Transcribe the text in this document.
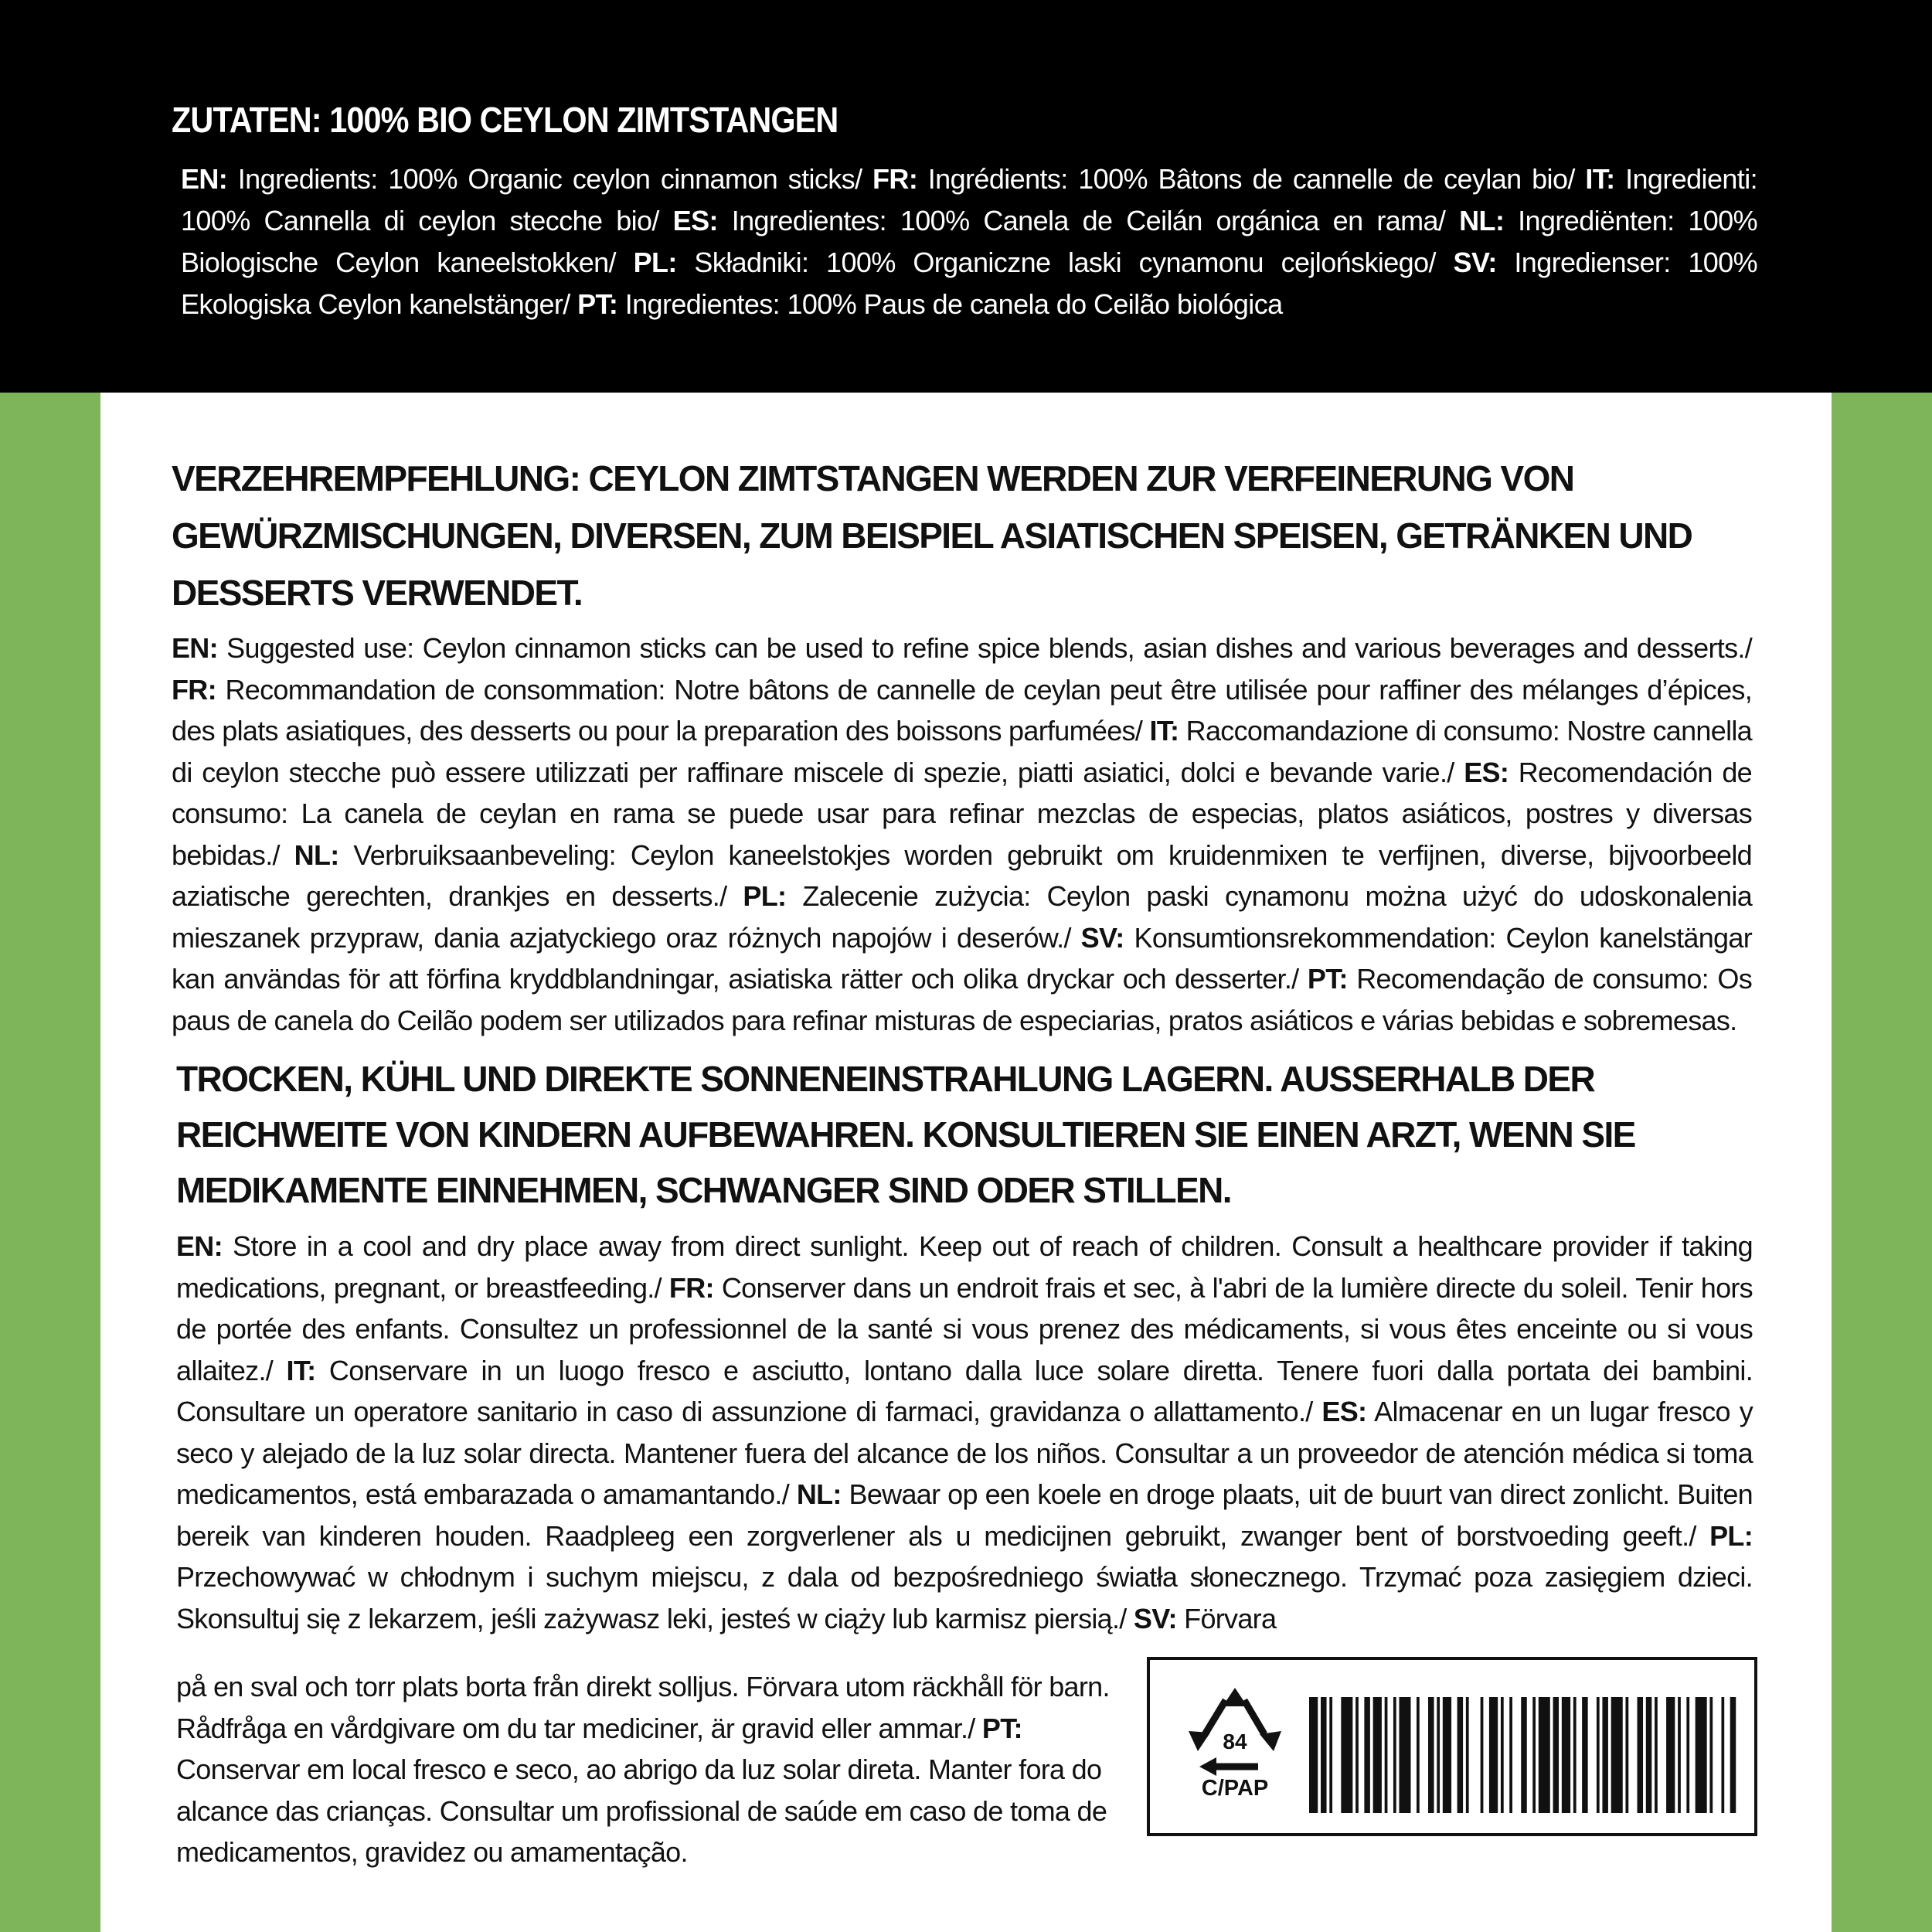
ZUTATEN: 100% BIO CEYLON ZIMTSTANGEN

EN: Ingredients: 100% Organic ceylon cinnamon sticks/ FR: Ingrédients: 100% Bâtons de cannelle de ceylan bio/ IT: Ingredienti: 100% Cannella di ceylon stecche bio/ ES: Ingredientes: 100% Canela de Ceilán orgánica en rama/ NL: Ingrediënten: 100% Biologische Ceylon kaneelstokken/ PL: Składniki: 100% Organiczne laski cynamonu cejlońskiego/ SV: Ingredienser: 100% Ekologiska Ceylon kanelstänger/ PT: Ingredientes: 100% Paus de canela do Ceilão biológica

VERZEHREMPFEHLUNG: CEYLON ZIMTSTANGEN WERDEN ZUR VERFEINERUNG VON GEWÜRZMISCHUNGEN, DIVERSEN, ZUM BEISPIEL ASIATISCHEN SPEISEN, GETRÄNKEN UND DESSERTS VERWENDET.

EN: Suggested use: Ceylon cinnamon sticks can be used to refine spice blends, asian dishes and various beverages and desserts./ FR: Recommandation de consommation: Notre bâtons de cannelle de ceylan peut être utilisée pour raffiner des mélanges d’épices, des plats asiatiques, des desserts ou pour la preparation des boissons parfumées/ IT: Raccomandazione di consumo: Nostre cannella di ceylon stecche può essere utilizzati per raffinare miscele di spezie, piatti asiatici, dolci e bevande varie./ ES: Recomendación de consumo: La canela de ceylan en rama se puede usar para refinar mezclas de especias, platos asiáticos, postres y diversas bebidas./ NL: Verbruiksaanbeveling: Ceylon kaneelstokjes worden gebruikt om kruidenmixen te verfijnen, diverse, bijvoorbeeld aziatische gerechten, drankjes en desserts./ PL: Zalecenie zużycia: Ceylon paski cynamonu można użyć do udoskonalenia mieszanek przypraw, dania azjatyckiego oraz różnych napojów i deserów./ SV: Konsumtionsrekommendation: Ceylon kanelstängar kan användas för att förfina kryddblandningar, asiatiska rätter och olika dryckar och desserter./ PT: Recomendação de consumo: Os paus de canela do Ceilão podem ser utilizados para refinar misturas de especiarias, pratos asiáticos e várias bebidas e sobremesas.

TROCKEN, KÜHL UND DIREKTE SONNENEINSTRAHLUNG LAGERN. AUSSERHALB DER REICHWEITE VON KINDERN AUFBEWAHREN. KONSULTIEREN SIE EINEN ARZT, WENN SIE MEDIKAMENTE EINNEHMEN, SCHWANGER SIND ODER STILLEN.

EN: Store in a cool and dry place away from direct sunlight. Keep out of reach of children. Consult a healthcare provider if taking medications, pregnant, or breastfeeding./ FR: Conserver dans un endroit frais et sec, à l'abri de la lumière directe du soleil. Tenir hors de portée des enfants. Consultez un professionnel de la santé si vous prenez des médicaments, si vous êtes enceinte ou si vous allaitez./ IT: Conservare in un luogo fresco e asciutto, lontano dalla luce solare diretta. Tenere fuori dalla portata dei bambini. Consultare un operatore sanitario in caso di assunzione di farmaci, gravidanza o allattamento./ ES: Almacenar en un lugar fresco y seco y alejado de la luz solar directa. Mantener fuera del alcance de los niños. Consultar a un proveedor de atención médica si toma medicamentos, está embarazada o amamantando./ NL: Bewaar op een koele en droge plaats, uit de buurt van direct zonlicht. Buiten bereik van kinderen houden. Raadpleeg een zorgverlener als u medicijnen gebruikt, zwanger bent of borstvoeding geeft./ PL: Przechowywać w chłodnym i suchym miejscu, z dala od bezpośredniego światła słonecznego. Trzymać poza zasięgiem dzieci. Skonsultuj się z lekarzem, jeśli zażywasz leki, jesteś w ciąży lub karmisz piersią./ SV: Förvara

på en sval och torr plats borta från direkt solljus. Förvara utom räckhåll för barn. Rådfråga en vårdgivare om du tar mediciner, är gravid eller ammar./ PT: Conservar em local fresco e seco, ao abrigo da luz solar direta. Manter fora do alcance das crianças. Consultar um profissional de saúde em caso de toma de medicamentos, gravidez ou amamentação.

84
C/PAP
